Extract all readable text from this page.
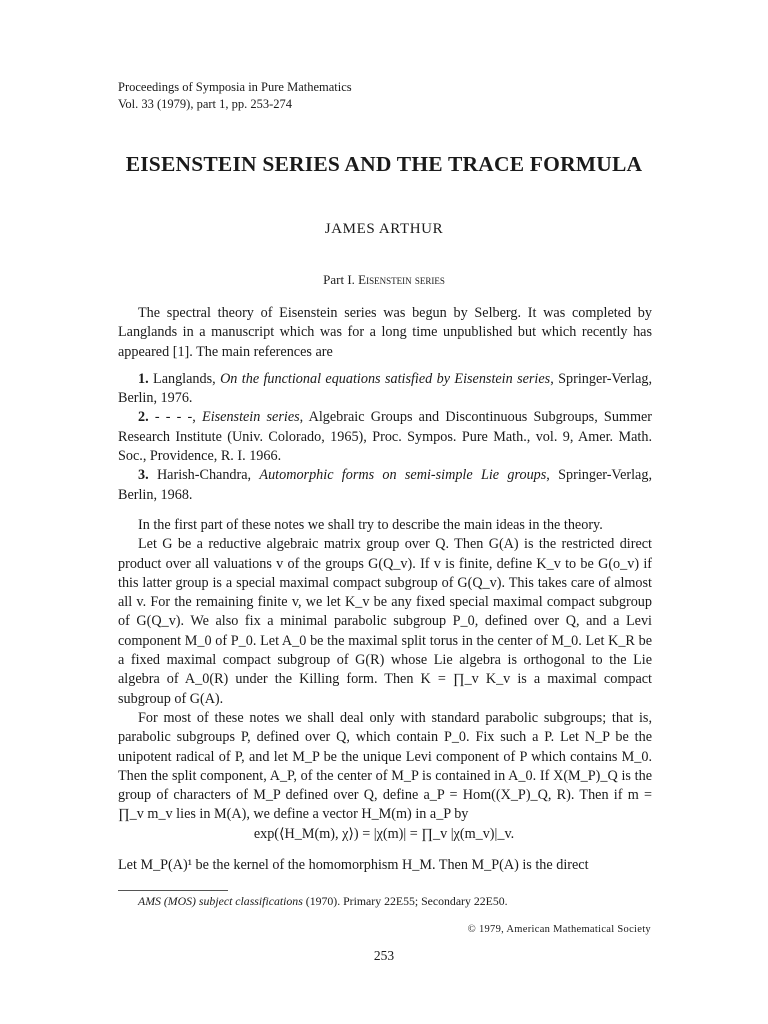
Proceedings of Symposia in Pure Mathematics
Vol. 33 (1979), part 1, pp. 253-274
EISENSTEIN SERIES AND THE TRACE FORMULA
JAMES ARTHUR
Part I. Eisenstein series

The spectral theory of Eisenstein series was begun by Selberg. It was completed by Langlands in a manuscript which was for a long time unpublished but which recently has appeared [1]. The main references are

1. Langlands, On the functional equations satisfied by Eisenstein series, Springer-Verlag, Berlin, 1976.

2. - - - -, Eisenstein series, Algebraic Groups and Discontinuous Subgroups, Summer Research Institute (Univ. Colorado, 1965), Proc. Sympos. Pure Math., vol. 9, Amer. Math. Soc., Providence, R. I. 1966.

3. Harish-Chandra, Automorphic forms on semi-simple Lie groups, Springer-Verlag, Berlin, 1968.

In the first part of these notes we shall try to describe the main ideas in the theory.

Let G be a reductive algebraic matrix group over Q. Then G(A) is the restricted direct product over all valuations v of the groups G(Q_v). If v is finite, define K_v to be G(o_v) if this latter group is a special maximal compact subgroup of G(Q_v). This takes care of almost all v. For the remaining finite v, we let K_v be any fixed special maximal compact subgroup of G(Q_v). We also fix a minimal parabolic subgroup P_0, defined over Q, and a Levi component M_0 of P_0. Let A_0 be the maximal split torus in the center of M_0. Let K_R be a fixed maximal compact subgroup of G(R) whose Lie algebra is orthogonal to the Lie algebra of A_0(R) under the Killing form. Then K = ∏_v K_v is a maximal compact subgroup of G(A).

For most of these notes we shall deal only with standard parabolic subgroups; that is, parabolic subgroups P, defined over Q, which contain P_0. Fix such a P. Let N_P be the unipotent radical of P, and let M_P be the unique Levi component of P which contains M_0. Then the split component, A_P, of the center of M_P is contained in A_0. If X(M_P)_Q is the group of characters of M_P defined over Q, define a_P = Hom((X_P)_Q, R). Then if m = ∏_v m_v lies in M(A), we define a vector H_M(m) in a_P by

exp(⟨H_M(m), χ⟩) = |χ(m)| = ∏_v |χ(m_v)|_v.

Let M_P(A)¹ be the kernel of the homomorphism H_M. Then M_P(A) is the direct

AMS (MOS) subject classifications (1970). Primary 22E55; Secondary 22E50.
© 1979, American Mathematical Society
253
